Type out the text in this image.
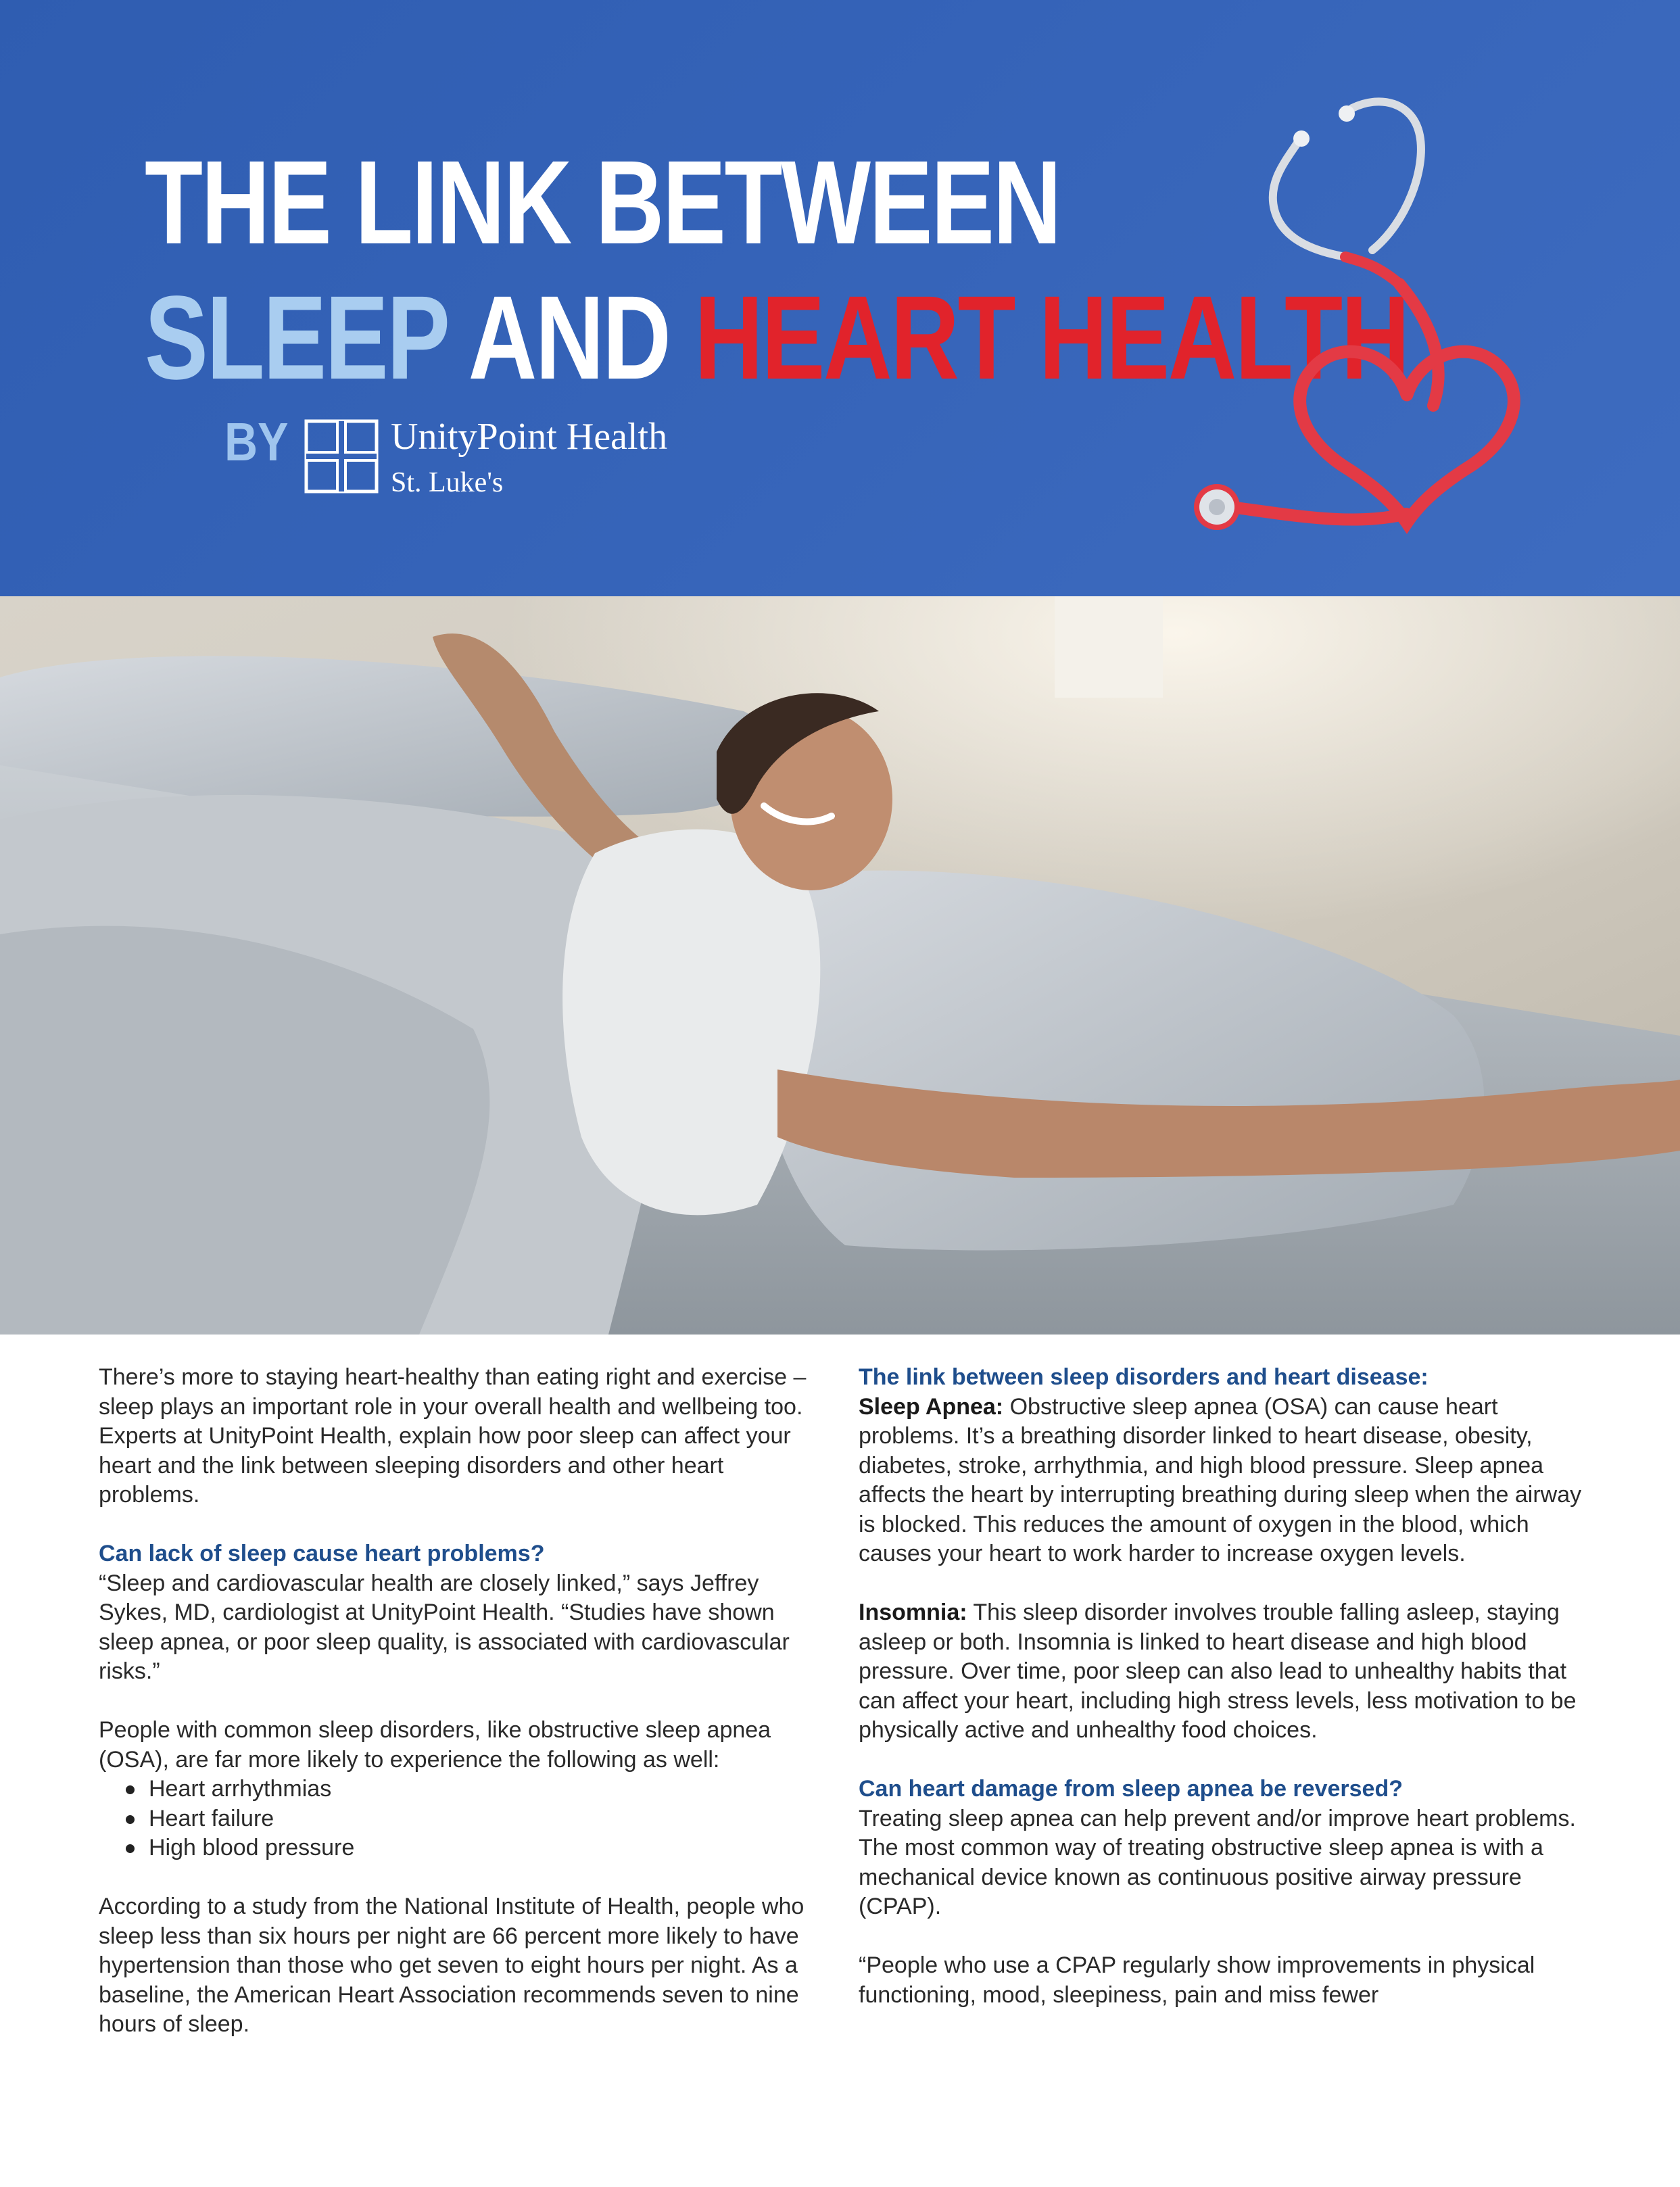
THE LINK BETWEEN
SLEEP AND HEART HEALTH
BY	UnityPoint Health
St. Luke's

There’s more to staying heart-healthy than eating right and exercise – sleep plays an important role in your overall health and wellbeing too. Experts at UnityPoint Health, explain how poor sleep can affect your heart and the link between sleeping disorders and other heart problems.

Can lack of sleep cause heart problems?

“Sleep and cardiovascular health are closely linked,” says Jeffrey Sykes, MD, cardiologist at UnityPoint Health. “Studies have shown sleep apnea, or poor sleep quality, is associated with cardiovascular risks.”

People with common sleep disorders, like obstructive sleep apnea (OSA), are far more likely to experience the following as well:

Heart arrhythmias
Heart failure
High blood pressure

According to a study from the National Institute of Health, people who sleep less than six hours per night are 66 percent more likely to have hypertension than those who get seven to eight hours per night. As a baseline, the American Heart Association recommends seven to nine hours of sleep.

The link between sleep disorders and heart disease:

Sleep Apnea: Obstructive sleep apnea (OSA) can cause heart problems. It’s a breathing disorder linked to heart disease, obesity, diabetes, stroke, arrhythmia, and high blood pressure. Sleep apnea affects the heart by interrupting breathing during sleep when the airway is blocked. This reduces the amount of oxygen in the blood, which causes your heart to work harder to increase oxygen levels.

Insomnia: This sleep disorder involves trouble falling asleep, staying asleep or both. Insomnia is linked to heart disease and high blood pressure. Over time, poor sleep can also lead to unhealthy habits that can affect your heart, including high stress levels, less motivation to be physically active and unhealthy food choices.

Can heart damage from sleep apnea be reversed?

Treating sleep apnea can help prevent and/or improve heart problems. The most common way of treating obstructive sleep apnea is with a mechanical device known as continuous positive airway pressure (CPAP).

“People who use a CPAP regularly show improvements in physical functioning, mood, sleepiness, pain and miss fewer
